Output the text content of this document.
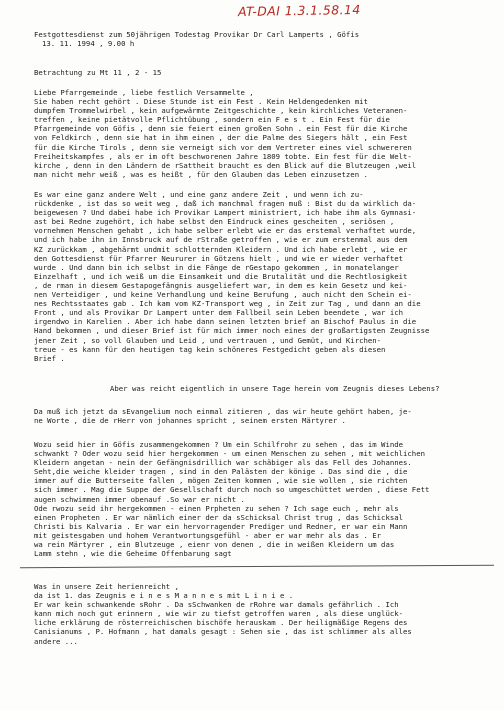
AT-DAI 1.3.1.58.14
Festgottesdienst zum 50jährigen Todestag Provikar Dr Carl Lamperts , Göfis
13. 11. 1994 , 9.00 h
Betrachtung zu Mt 11 , 2 - 15
Liebe Pfarrgemeinde , liebe festlich Versammelte ,
Sie haben recht gehört . Diese Stunde ist ein Fest . Kein Heldengedenken mit
dumpfem Trommelwirbel , kein aufgewärmte Zeitgeschichte , kein kirchliches Veteranen-
treffen , keine pietätvolle Pflichtübung , sondern ein F e s t . Ein Fest für die
Pfarrgemeinde von Göfis , denn sie feiert einen großen Sohn . ein Fest für die Kirche
von Feldkirch , denn sie hat in ihm einen , der die Palme des Siegers hält , ein Fest
für die Kirche Tirols , denn sie verneigt sich vor dem Vertreter eines viel schwereren
Freiheitskampfes , als er im oft beschworenen Jahre 1809 tobte. Ein fest für die Welt-
kirche , denn in den Ländern de rSattheit braucht es den Blick auf die Blutzeugen ,weil
man nicht mehr weiß , was es heißt , für den Glauben das Leben einzusetzen .
Es war eine ganz andere Welt , und eine ganz andere Zeit , und wenn ich zu-
rückdenke , ist das so weit weg , daß ich manchmal fragen muß : Bist du da wirklich da-
beigewesen ? Und dabei habe ich Provikar Lampert ministriert, ich habe ihm als Gymnasi-
ast bei Redne zugehört, ich habe selbst den Eindruck eines gescheiten , seriösen ,
vornehmen Menschen gehabt , ich habe selber erlebt wie er das erstemal verhaftet wurde,
und ich habe ihn in Innsbruck auf de rStraße getroffen , wie er zum erstenmal aus dem
KZ zurückkam , abgehärmt undmit schlotternden Kleidern . Und ich habe erlebt , wie er
den Gottesdienst für Pfarrer Neururer in Götzens hielt , und wie er wieder verhaftet
wurde . Und dann bin ich selbst in die Fänge de rGestapo gekommen , in monatelanger
Einzelhaft , und ich weiß um die Einsamkeit und die Brutalität und die Rechtlosigkeit
, de rman in diesem Gestapogefängnis ausgeliefert war, in dem es kein Gesetz und kei-
nen Verteidiger , und keine Verhandlung und keine Berufung , auch nicht den Schein ei-
nes Rechtsstaates gab . Ich kam vom KZ-Transport weg , in Zeit zur Tag , und dann an die
Front , und als Provikar Dr Lampert unter dem Fallbeil sein Leben beendete , war ich
irgendwo in Karelien . Aber ich habe dann seinen letzten brief an Bischof Paulus in die
Hand bekommen , und dieser Brief ist für mich immer noch eines der großartigsten Zeugnisse
jener Zeit , so voll Glauben und Leid , und vertrauen , und Gemüt, und Kirchen-
treue - es kann für den heutigen tag kein schöneres Festgedicht geben als diesen
Brief .
Aber was reicht eigentlich in unsere Tage herein vom Zeugnis dieses Lebens?
Da muß ich jetzt da sEvangelium noch einmal zitieren , das wir heute gehört haben, je-
ne Worte , die de rHerr von johannes spricht , seinem ersten Märtyrer .
Wozu seid hier in Göfis zusammengekommen ? Um ein Schilfrohr zu sehen , das im Winde
schwankt ? Oder wozu seid hier hergekommen - um einen Menschen zu sehen , mit weichlichen
Kleidern angetan - nein der Gefängnisdrillich war schäbiger als das Fell des Johannes.
Seht,die weiche kleider tragen , sind in den Palästen der könige . Das sind die , die
immer auf die Butterseite fallen , mögen Zeiten kommen , wie sie wollen , sie richten
sich immer . Mag die Suppe der Gesellschaft durch noch so umgeschüttet werden , diese Fett
augen schwimmen immer obenauf .So war er nicht .
Ode rwozu seid ihr hergekommen - einen Prpheten zu sehen ? Ich sage euch , mehr als
einen Propheten . Er war nämlich einer der da sSchicksal Christ trug , das Schicksal
Christi bis Kalvaria . Er war ein hervorragender Prediger und Redner, er war ein Mann
mit geistesgaben und hohem Verantwortungsgefühl - aber er war mehr als das . Er
wa rein Märtyrer , ein Blutzeuge , eienr von denen , die in weißen Kleidern um das
Lamm stehn , wie die Geheime Offenbarung sagt
Was in unsere Zeit herienreicht ,
da ist 1. das Zeugnis e i n e s M a n n e s mit L i n i e .
Er war kein schwankende sRohr . Da sSchwanken de rRohre war damals gefährlich . Ich
kann mich noch gut erinnern , wie wir zu tiefst getroffen waren , als diese unglück-
liche erklärung de rösterreichischen bischöfe herauskam . Der heiligmäßige Regens des
Canisianums , P. Hofmann , hat damals gesagt : Sehen sie , das ist schlimmer als alles
andere ...
